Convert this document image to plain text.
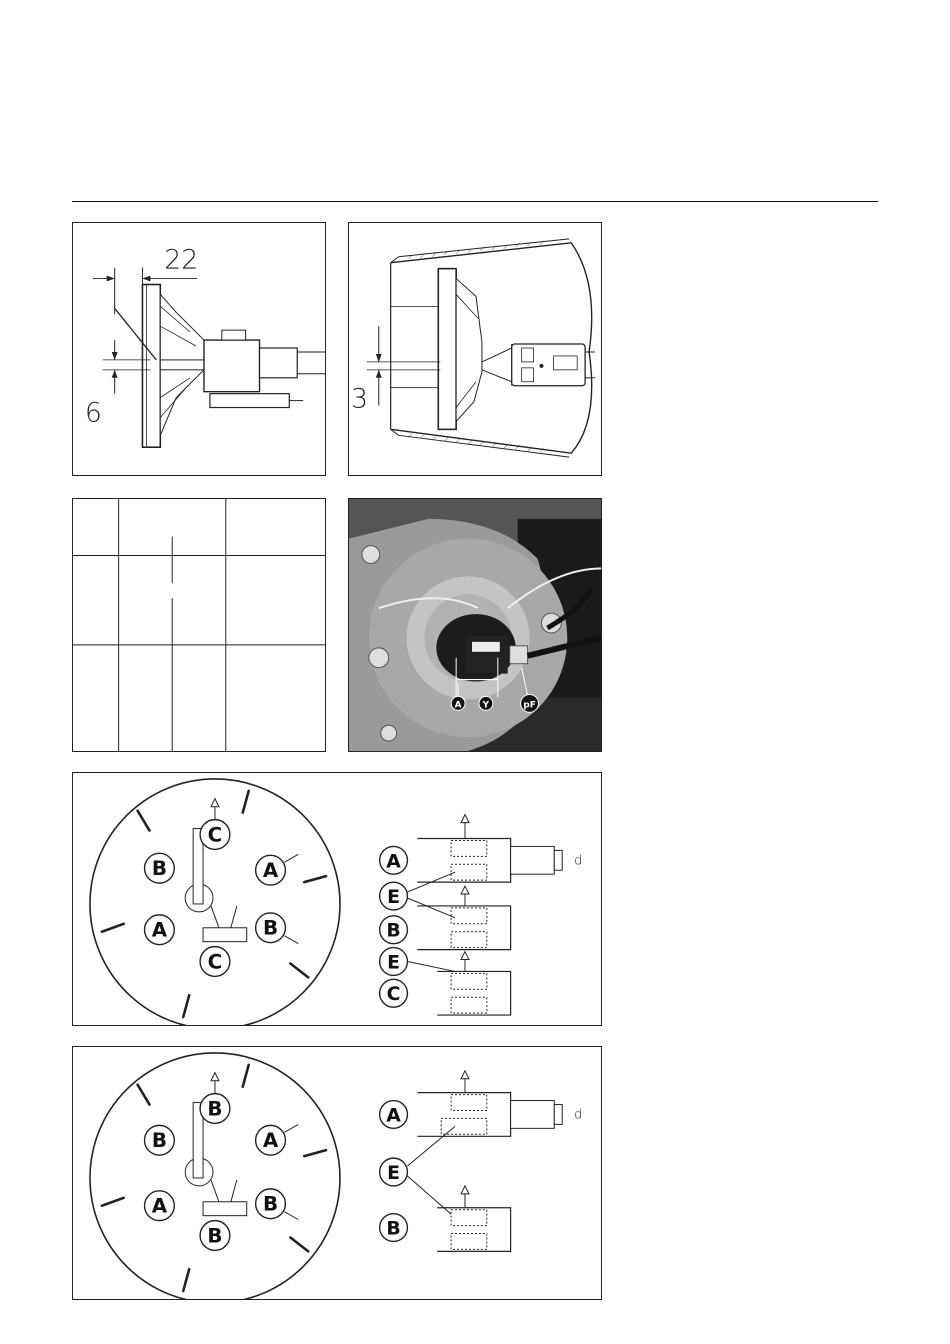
22
6	3
A Y	pF
C
A
B
B
A
C
A	d
B
E
E
C
B
A
B
B
A
B
A	d
E
B
